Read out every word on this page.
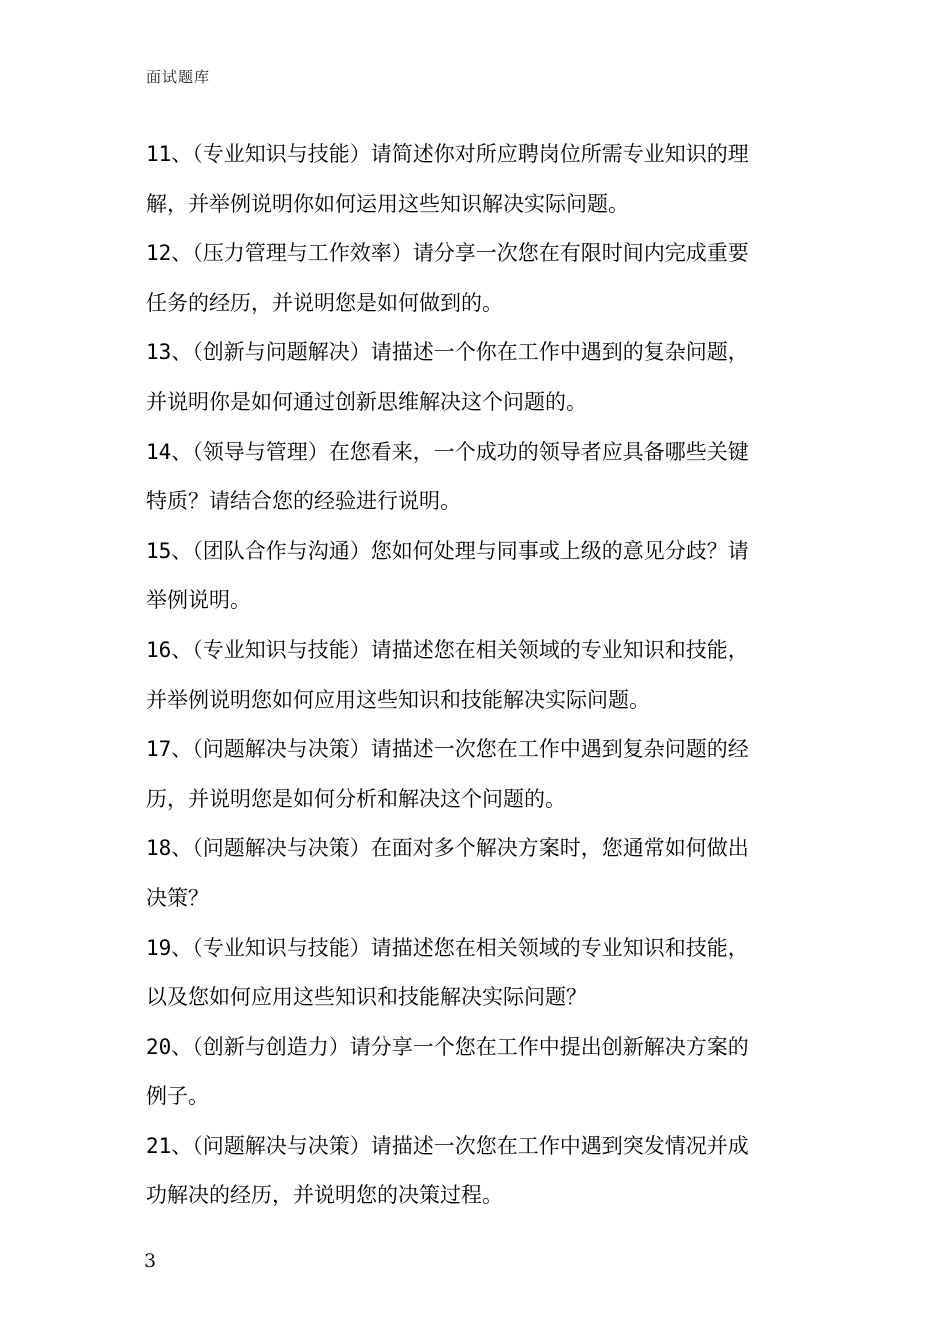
面试题库
11、（专业知识与技能）请简述你对所应聘岗位所需专业知识的理
解，并举例说明你如何运用这些知识解决实际问题。
12、（压力管理与工作效率）请分享一次您在有限时间内完成重要
任务的经历，并说明您是如何做到的。
13、（创新与问题解决）请描述一个你在工作中遇到的复杂问题，
并说明你是如何通过创新思维解决这个问题的。
14、（领导与管理）在您看来，一个成功的领导者应具备哪些关键
特质？请结合您的经验进行说明。
15、（团队合作与沟通）您如何处理与同事或上级的意见分歧？请
举例说明。
16、（专业知识与技能）请描述您在相关领域的专业知识和技能，
并举例说明您如何应用这些知识和技能解决实际问题。
17、（问题解决与决策）请描述一次您在工作中遇到复杂问题的经
历，并说明您是如何分析和解决这个问题的。
18、（问题解决与决策）在面对多个解决方案时，您通常如何做出
决策？
19、（专业知识与技能）请描述您在相关领域的专业知识和技能，
以及您如何应用这些知识和技能解决实际问题？
20、（创新与创造力）请分享一个您在工作中提出创新解决方案的
例子。
21、（问题解决与决策）请描述一次您在工作中遇到突发情况并成
功解决的经历，并说明您的决策过程。
3
